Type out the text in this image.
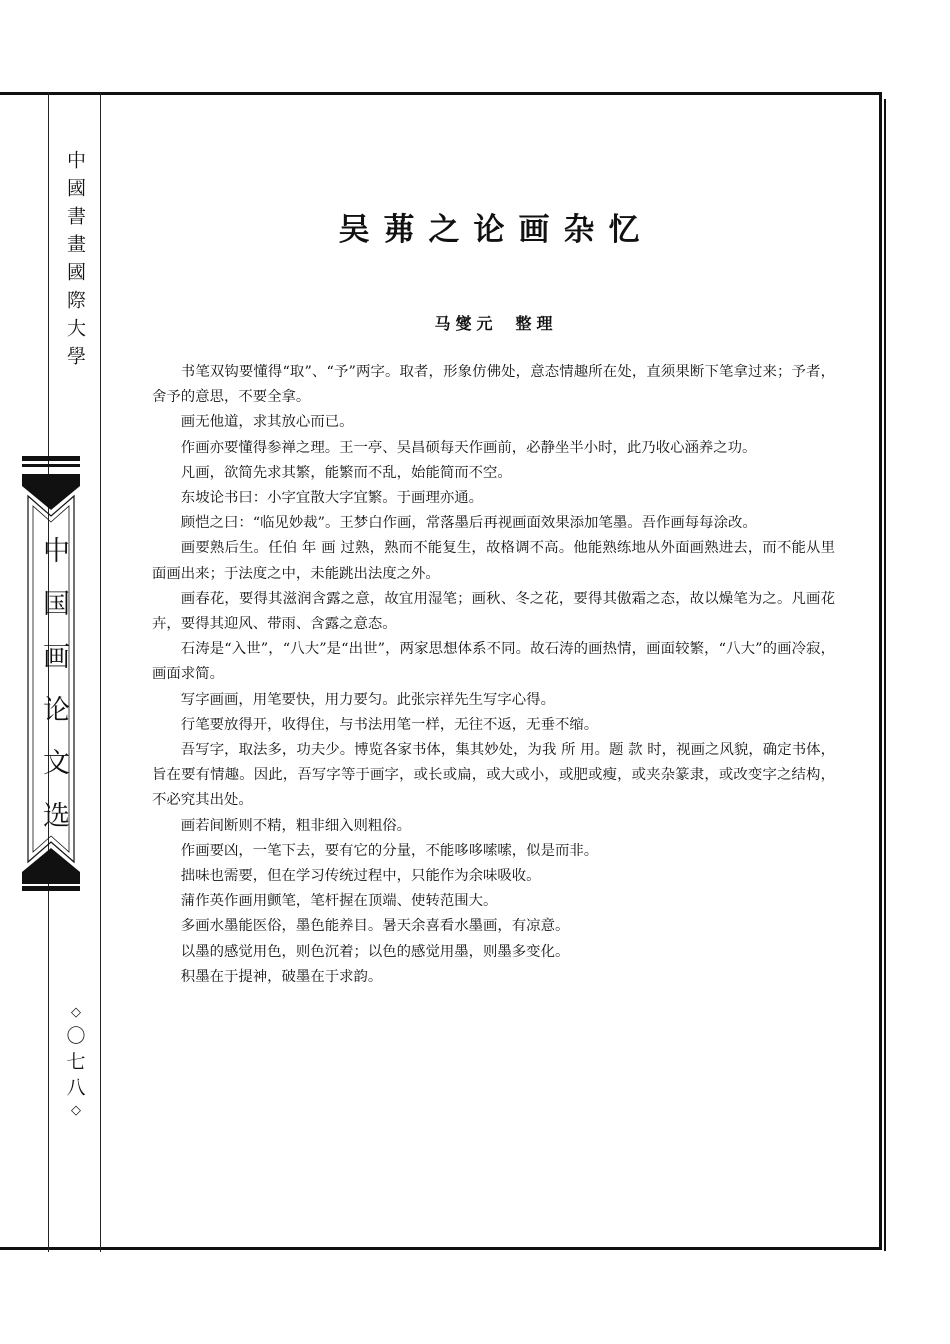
中國書畫國際大學
中国画论文选
◇
〇
七
八
◇
吴茀之论画杂忆
马燮元 整理

书笔双钩要懂得“取”、“予”两字。取者，形象仿佛处，意态情趣所在处，直须果断下笔拿过来；予者，舍予的意思，不要全拿。

画无他道，求其放心而已。

作画亦要懂得参禅之理。王一亭、吴昌硕每天作画前，必静坐半小时，此乃收心涵养之功。

凡画，欲简先求其繁，能繁而不乱，始能简而不空。

东坡论书曰：小字宜散大字宜繁。于画理亦通。

顾恺之曰：“临见妙裁”。王梦白作画，常落墨后再视画面效果添加笔墨。吾作画每每涂改。

画要熟后生。任伯 年 画 过熟，熟而不能复生，故格调不高。他能熟练地从外面画熟进去，而不能从里面画出来；于法度之中，未能跳出法度之外。

画春花，要得其滋润含露之意，故宜用湿笔；画秋、冬之花，要得其傲霜之态，故以燥笔为之。凡画花卉，要得其迎风、带雨、含露之意态。

石涛是“入世”，“八大”是“出世”，两家思想体系不同。故石涛的画热情，画面较繁，“八大”的画冷寂，画面求简。

写字画画，用笔要快，用力要匀。此张宗祥先生写字心得。

行笔要放得开，收得住，与书法用笔一样，无往不返，无垂不缩。

吾写字，取法多，功夫少。博览各家书体，集其妙处，为我 所 用。题 款 时，视画之风貌，确定书体，旨在要有情趣。因此，吾写字等于画字，或长或扁，或大或小，或肥或瘦，或夹杂篆隶，或改变字之结构，不必究其出处。

画若间断则不精，粗非细入则粗俗。

作画要凶，一笔下去，要有它的分量，不能哆哆嗦嗦，似是而非。

拙味也需要，但在学习传统过程中，只能作为余味吸收。

蒲作英作画用颤笔，笔杆握在顶端、使转范围大。

多画水墨能医俗，墨色能养目。暑天余喜看水墨画，有凉意。

以墨的感觉用色，则色沉着；以色的感觉用墨，则墨多变化。

积墨在于提神，破墨在于求韵。
